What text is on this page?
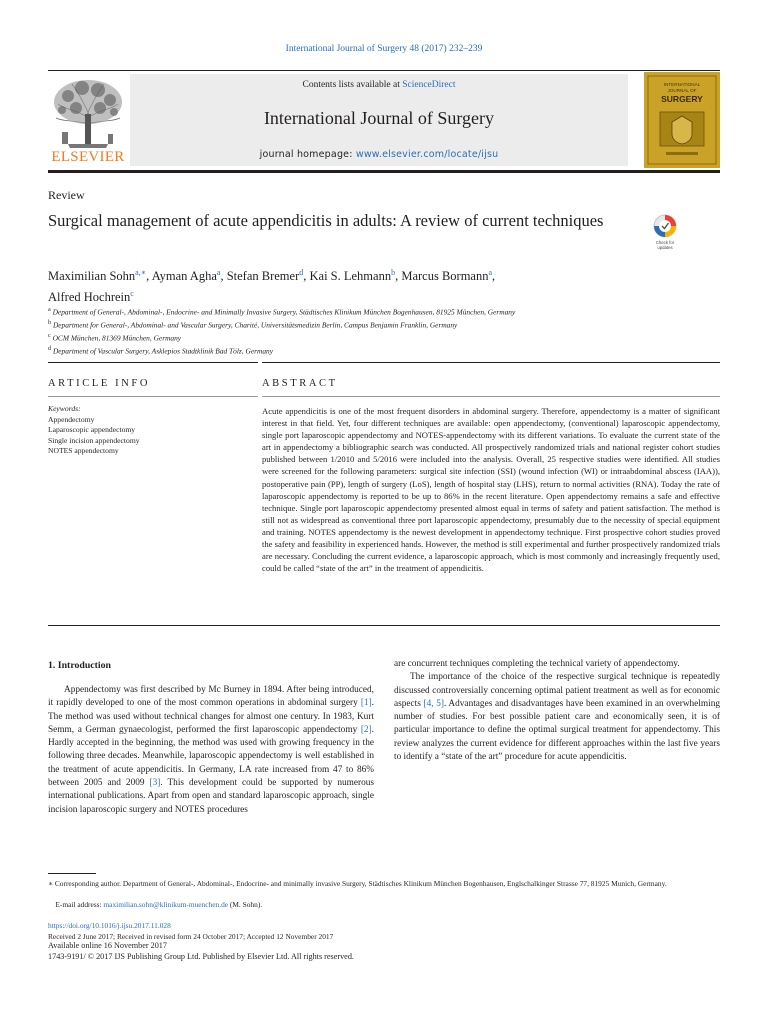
International Journal of Surgery 48 (2017) 232–239
Contents lists available at ScienceDirect
International Journal of Surgery
journal homepage: www.elsevier.com/locate/ijsu
ELSEVIER
INTERNATIONAL
JOURNAL OF
SURGERY
Review
Surgical management of acute appendicitis in adults: A review of current techniques
Check for
updates
Maximilian Sohn$^{a,∗}$, Ayman Agha$^a$, Stefan Bremer$^d$, Kai S. Lehmann$^b$, Marcus Bormann$^a$,
Alfred Hochrein$^c$
$^a$ Department of General-, Abdominal-, Endocrine- and Minimally Invasive Surgery, Städtisches Klinikum München Bogenhausen, 81925 München, Germany
$^b$ Department for General-, Abdominal- and Vascular Surgery, Charité, Universitätsmedizin Berlin, Campus Benjamin Franklin, Germany
$^c$ OCM München, 81369 München, Germany
$^d$ Department of Vascular Surgery, Asklepios Stadtklinik Bad Tölz, Germany
ARTICLE INFO	ABSTRACT
Keywords:
Appendectomy
Laparoscopic appendectomy
Single incision appendectomy
NOTES appendectomy
Acute appendicitis is one of the most frequent disorders in abdominal surgery. Therefore, appendectomy is a matter of significant interest in that field. Yet, four different techniques are available: open appendectomy, (conventional) laparoscopic appendectomy, single port laparoscopic appendectomy and NOTES-appendectomy with its different variations. To evaluate the current state of the art in appendectomy a bibliographic search was conducted. All prospectively randomized trials and national register cohort studies published between 1/2010 and 5/2016 were included into the analysis. Overall, 25 respective studies were identified. All studies were screened for the following parameters: surgical site infection (SSI) (wound infection (WI) or intraabdominal abscess (IAA)), postoperative pain (PP), length of surgery (LoS), length of hospital stay (LHS), return to normal activities (RNA). Today the rate of laparoscopic appendectomy is reported to be up to 86% in the recent literature. Open appendectomy remains a safe and effective technique. Single port laparoscopic appendectomy presented almost equal in terms of safety and patient satisfaction. The method is still not as widespread as conventional three port laparoscopic appendectomy, presumably due to the necessity of special equipment and training. NOTES appendectomy is the newest development in appendectomy technique. First prospective cohort studies proved the safety and feasibility in experienced hands. However, the method is still experimental and further prospectively randomized trials are necessary. Concluding the current evidence, a laparoscopic approach, which is most commonly and increasingly frequently used, could be called “state of the art” in the treatment of appendicitis.
1. Introduction

Appendectomy was first described by Mc Burney in 1894. After being introduced, it rapidly developed to one of the most common operations in abdominal surgery [1]. The method was used without technical changes for almost one century. In 1983, Kurt Semm, a German gynaecologist, performed the first laparoscopic appendectomy [2]. Hardly accepted in the beginning, the method was used with growing frequency in the following three decades. Meanwhile, laparoscopic appendectomy is well established in the treatment of acute appendicitis. In Germany, LA rate increased from 47 to 86% between 2005 and 2009 [3]. This development could be supported by numerous international publications. Apart from open and standard laparoscopic approach, single incision laparoscopic surgery and NOTES procedures

are concurrent techniques completing the technical variety of appendectomy.

The importance of the choice of the respective surgical technique is repeatedly discussed controversially concerning optimal patient treatment as well as for economic aspects [4, 5]. Advantages and disadvantages have been examined in an overwhelming number of studies. For best possible patient care and economically seen, it is of particular importance to define the optimal surgical treatment for appendectomy. This review analyzes the current evidence for different approaches within the last five years to identify a “state of the art” procedure for acute appendicitis.

∗ Corresponding author. Department of General-, Abdominal-, Endocrine- and minimally invasive Surgery, Städtisches Klinikum München Bogenhausen, Englschalkinger Strasse 77, 81925 Munich, Germany.
E-mail address: maximilian.sohn@klinikum-muenchen.de (M. Sohn).
https://doi.org/10.1016/j.ijsu.2017.11.028
Received 2 June 2017; Received in revised form 24 October 2017; Accepted 12 November 2017
Available online 16 November 2017
1743-9191/ © 2017 IJS Publishing Group Ltd. Published by Elsevier Ltd. All rights reserved.
